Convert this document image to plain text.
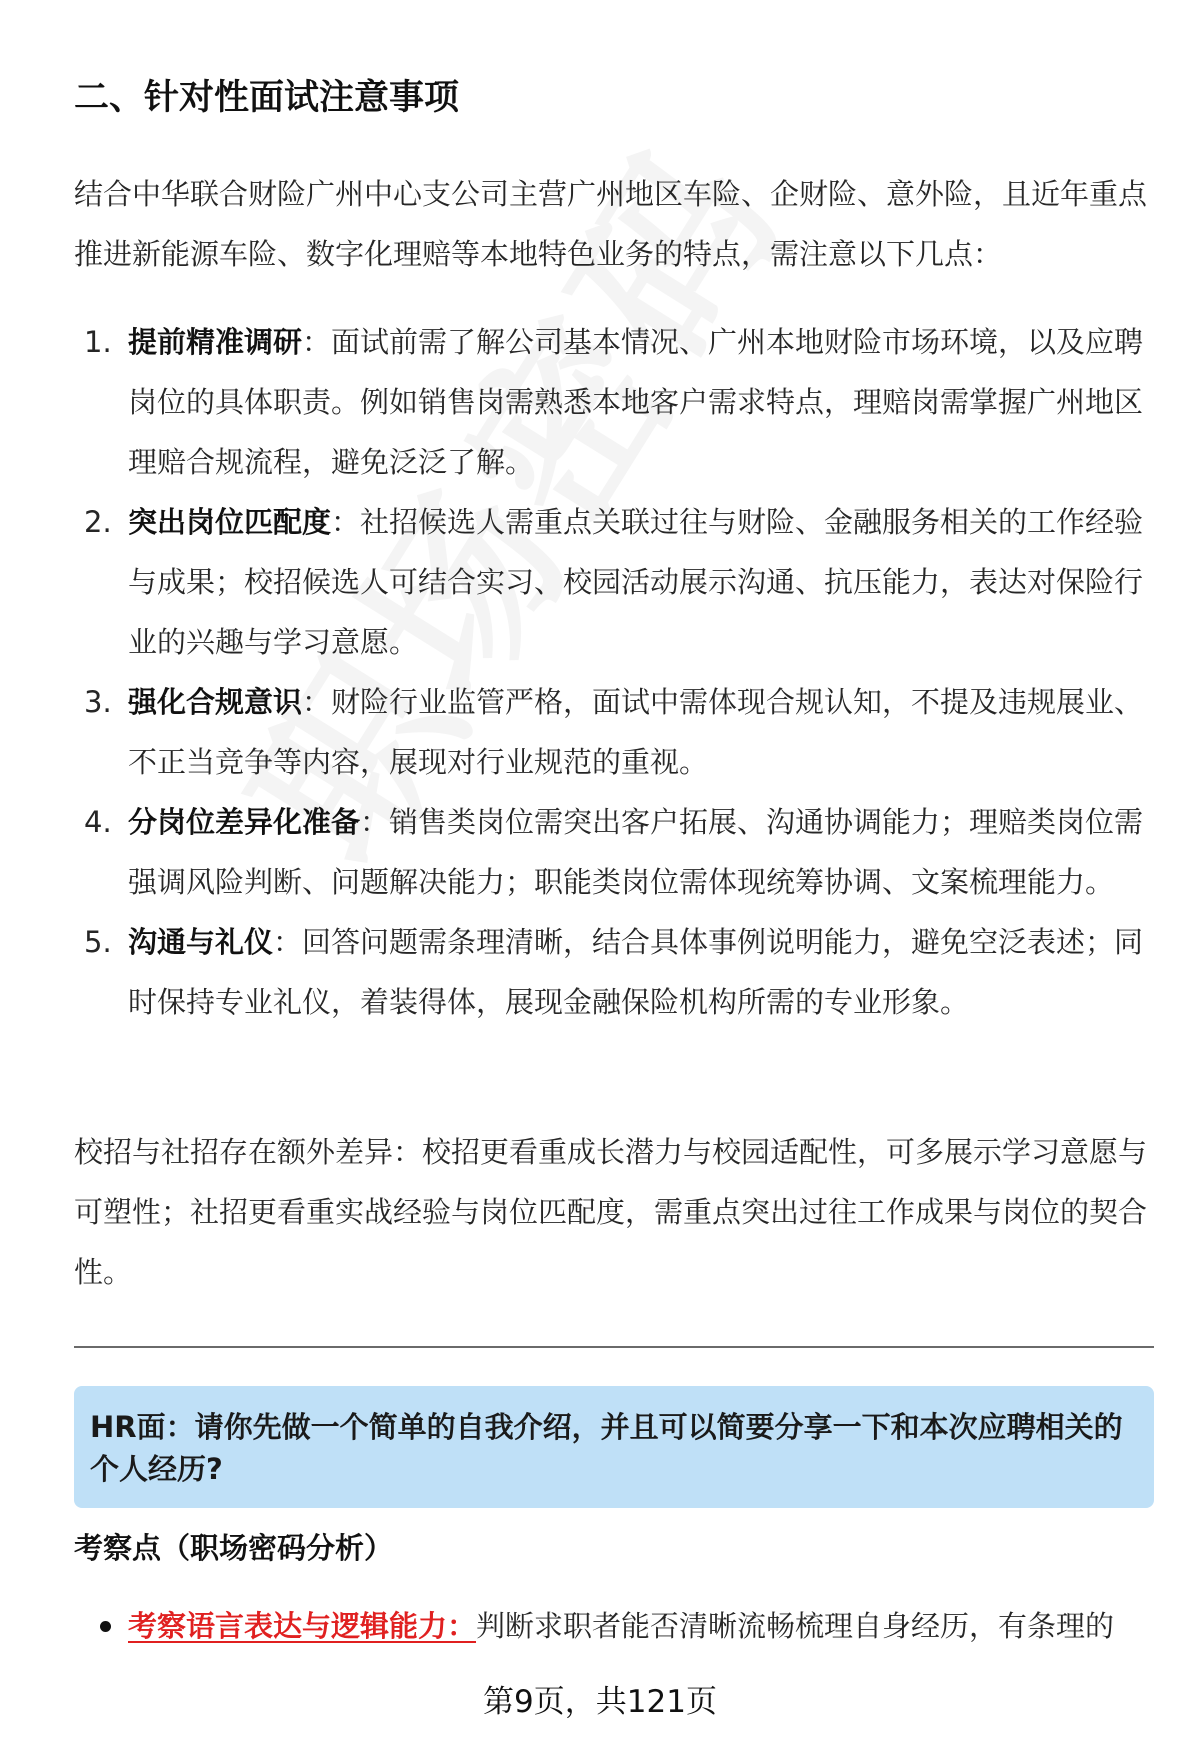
二、针对性面试注意事项

结合中华联合财险广州中心支公司主营广州地区车险、企财险、意外险，且近年重点推进新能源车险、数字化理赔等本地特色业务的特点，需注意以下几点：

1. 提前精准调研：面试前需了解公司基本情况、广州本地财险市场环境，以及应聘岗位的具体职责。例如销售岗需熟悉本地客户需求特点，理赔岗需掌握广州地区理赔合规流程，避免泛泛了解。
2. 突出岗位匹配度：社招候选人需重点关联过往与财险、金融服务相关的工作经验与成果；校招候选人可结合实习、校园活动展示沟通、抗压能力，表达对保险行业的兴趣与学习意愿。
3. 强化合规意识：财险行业监管严格，面试中需体现合规认知，不提及违规展业、不正当竞争等内容，展现对行业规范的重视。
4. 分岗位差异化准备：销售类岗位需突出客户拓展、沟通协调能力；理赔类岗位需强调风险判断、问题解决能力；职能类岗位需体现统筹协调、文案梳理能力。
5. 沟通与礼仪：回答问题需条理清晰，结合具体事例说明能力，避免空泛表述；同时保持专业礼仪，着装得体，展现金融保险机构所需的专业形象。

校招与社招存在额外差异：校招更看重成长潜力与校园适配性，可多展示学习意愿与可塑性；社招更看重实战经验与岗位匹配度，需重点突出过往工作成果与岗位的契合性。

HR面：请你先做一个简单的自我介绍，并且可以简要分享一下和本次应聘相关的个人经历?

考察点（职场密码分析）
考察语言表达与逻辑能力：判断求职者能否清晰流畅梳理自身经历，有条理的

第9页，共121页
